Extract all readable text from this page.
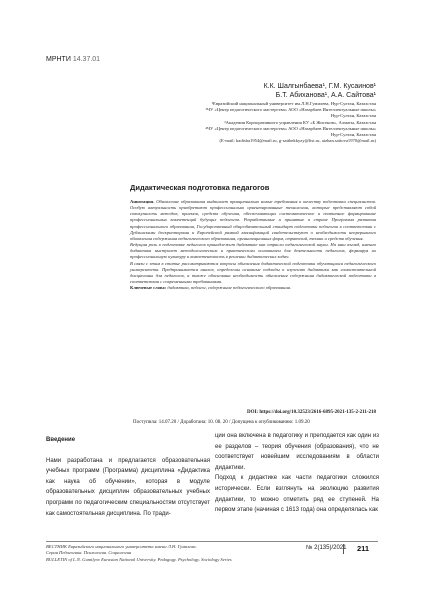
МРНТИ 14.37.01
К.К. Шалгынбаева¹, Г.М. Кусаинов¹
Б.Т. Абиханова¹, А.А. Сайтова¹
¹Евразийский национальный университет им.Л.Н.Гумилева, Нур-Султан, Казахстан
²ЧУ «Центр педагогического мастерства» АОО «Назарбаев Интеллектуальные школы»
Нур-Султан, Казахстан
³Академия Корпоративного управления КУ «Б Жисенов», Алматы, Казахстан
⁴ЧУ «Центр педагогического мастерства» АОО «Назарбаев Интеллектуальные школы»
Нур-Султан, Казахстан
(E-mail: kadisha1954@mail.ru, g-saitbekkyzy@list.ru, aizhan.saitova1970@mail.ru)
Дидактическая подготовка педагогов

Аннотация. Обновление образования выдвигает принципиально новые требования к качеству подготовки специалистов. Особую актуальность приобретают профессионально ориентированные технологии, которые представляют собой совокупность методов, приемов, средств обучения, обеспечивающих систематическое и поэтапное формирование профессиональных компетенций будущих педагогов. Разработанные и принятые в стране Программа развития профессионального образования, Государственный общеобязательный стандарт подготовки педагогов в соответствии с Дублинскими дескрипторами и Европейской рамкой квалификаций свидетельствуют о необходимости непрерывного обновления содержания педагогического образования, организационных форм, стратегий, техник и средств обучения.

Ведущая роль в подготовке педагогов принадлежит дидактике как отрасли педагогической науки. На наш взгляд, именно дидактика выступает методологическим и практическим основанием для деятельности педагогов, формируя их профессиональную культуру и компетентность в решении дидактических задач.

В связи с этим в статье рассматриваются вопросы обновления дидактической подготовки обучающихся педагогического университета. Предпринимается анализ, определены основные подходы к изучению дидактики как самостоятельной дисциплины для педагогов, а также обоснована необходимость обновления содержания дидактической подготовки в соответствии с современными требованиями.

Ключевые слова: дидактика, педагог, содержание педагогического образования.

DOI: https://doi.org/10.32523/2616-6895-2021-135-2-211-218
Поступила: 14.07.20 / Доработана: 10. 08. 20 / Допущена к опубликованию: 1.09.20

Введение

Нами разработана и предлагается образовательная учебных программ (Программа) дисциплина «Дидактика как наука об обучении», которая в модуле образовательных дисциплин образовательных учебных программ по педагогическим специальностям отсутствует как самостоятельная дисциплина. По тради-

ции она включена в педагогику и преподается как один из ее разделов – теория обучения (образования), что не соответствует новейшим исследованиям в области дидактики.

Подход к дидактике как части педагогики сложился исторически. Если взглянуть на эволюцию развития дидактики, то можно отметить ряд ее ступеней. На первом этапе (начиная с 1613 года) она определялась как

ВЕСТНИК Евразийского национального университета имени Л.Н. Гумилева.
Серия Педагогика. Психология. Социология
BULLETIN of L.N. Gumilyov Eurasian National University. Pedagogy. Psychology. Sociology Series
№ 2(135)/2021 211
